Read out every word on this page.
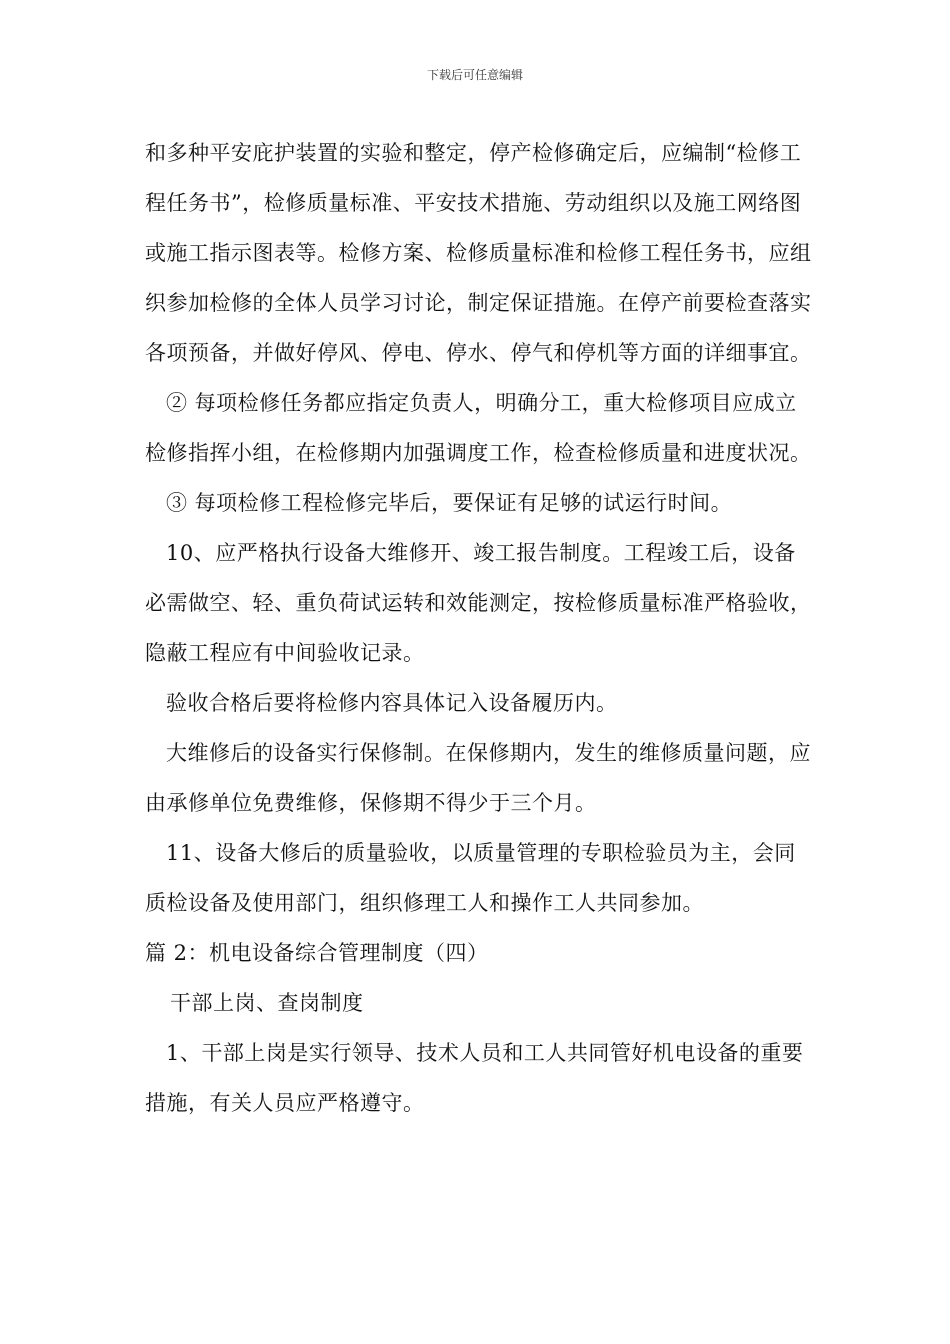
下载后可任意编辑

和多种平安庇护装置的实验和整定，停产检修确定后，应编制“检修工程任务书”，检修质量标准、平安技术措施、劳动组织以及施工网络图或施工指示图表等。检修方案、检修质量标准和检修工程任务书，应组织参加检修的全体人员学习讨论，制定保证措施。在停产前要检查落实各项预备，并做好停风、停电、停水、停气和停机等方面的详细事宜。

② 每项检修任务都应指定负责人，明确分工，重大检修项目应成立检修指挥小组，在检修期内加强调度工作，检查检修质量和进度状况。

③ 每项检修工程检修完毕后，要保证有足够的试运行时间。

10、应严格执行设备大维修开、竣工报告制度。工程竣工后，设备必需做空、轻、重负荷试运转和效能测定，按检修质量标准严格验收，隐蔽工程应有中间验收记录。

验收合格后要将检修内容具体记入设备履历内。

大维修后的设备实行保修制。在保修期内，发生的维修质量问题，应由承修单位免费维修，保修期不得少于三个月。

11、设备大修后的质量验收，以质量管理的专职检验员为主，会同质检设备及使用部门，组织修理工人和操作工人共同参加。

篇 2：机电设备综合管理制度（四）

干部上岗、查岗制度

1、干部上岗是实行领导、技术人员和工人共同管好机电设备的重要措施，有关人员应严格遵守。
